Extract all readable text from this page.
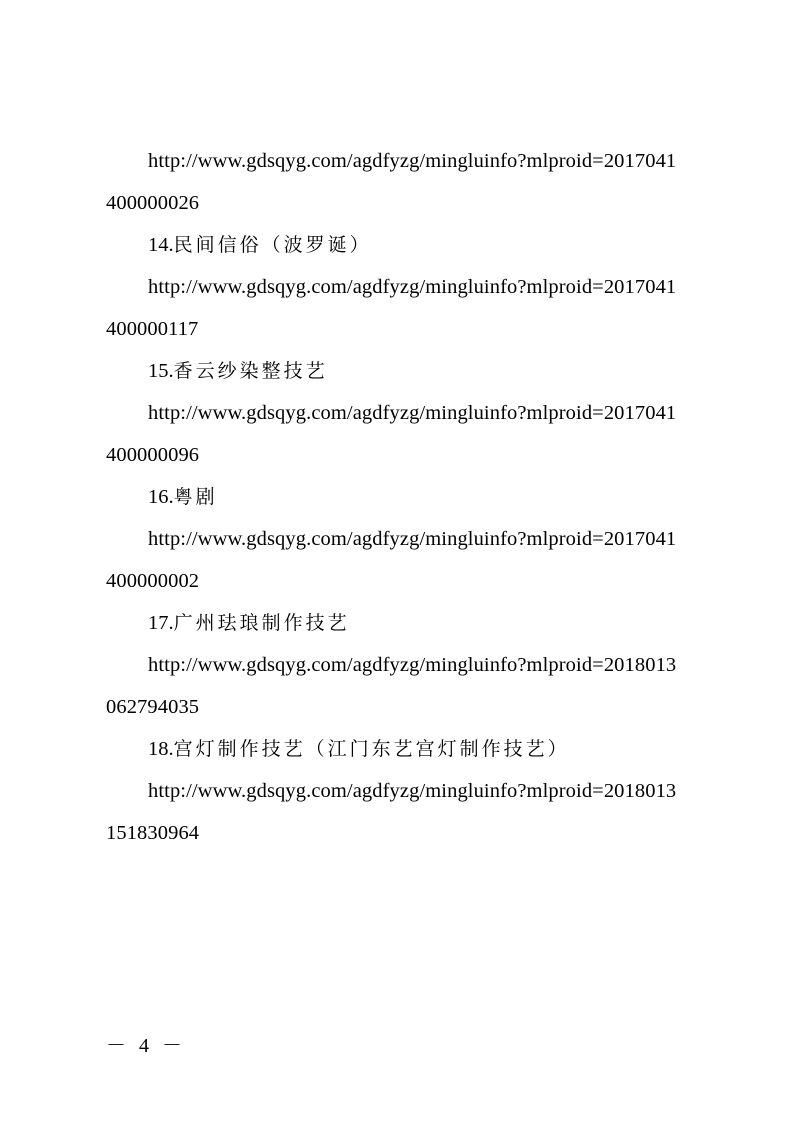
http://www.gdsqyg.com/agdfyzg/mingluinfo?mlproid=2017041
400000026
14.民间信俗（波罗诞）
http://www.gdsqyg.com/agdfyzg/mingluinfo?mlproid=2017041
400000117
15.香云纱染整技艺
http://www.gdsqyg.com/agdfyzg/mingluinfo?mlproid=2017041
400000096
16.粤剧
http://www.gdsqyg.com/agdfyzg/mingluinfo?mlproid=2017041
400000002
17.广州珐琅制作技艺
http://www.gdsqyg.com/agdfyzg/mingluinfo?mlproid=2018013
062794035
18.宫灯制作技艺（江门东艺宫灯制作技艺）
http://www.gdsqyg.com/agdfyzg/mingluinfo?mlproid=2018013
151830964
－ 4 －
